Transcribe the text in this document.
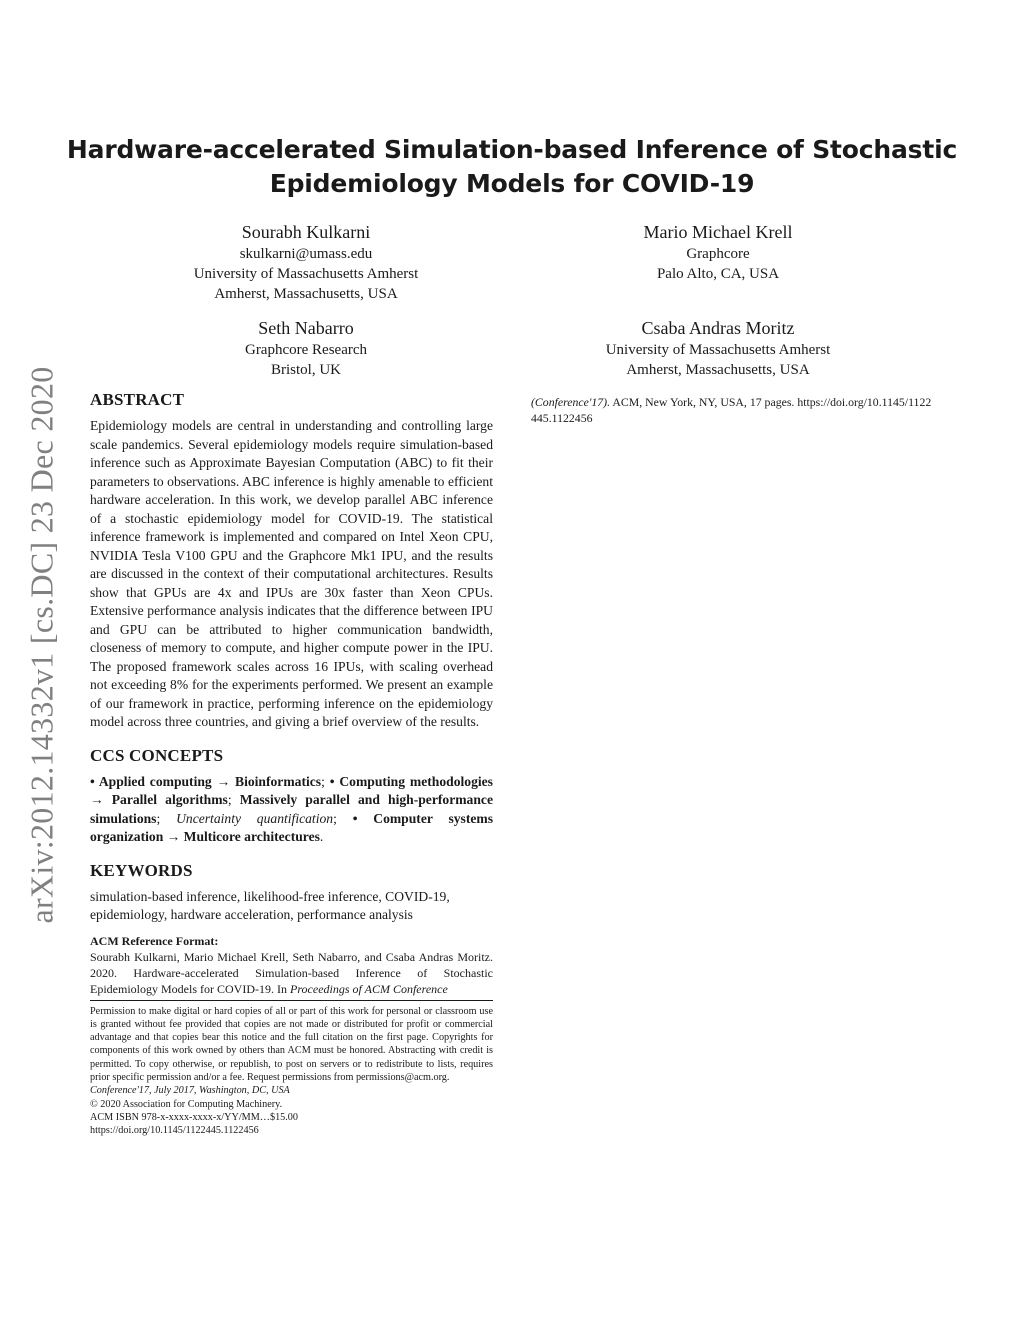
Hardware-accelerated Simulation-based Inference of Stochastic
Epidemiology Models for COVID-19
Sourabh Kulkarni
skulkarni@umass.edu
University of Massachusetts Amherst
Amherst, Massachusetts, USA
Mario Michael Krell
Graphcore
Palo Alto, CA, USA
Seth Nabarro
Graphcore Research
Bristol, UK
Csaba Andras Moritz
University of Massachusetts Amherst
Amherst, Massachusetts, USA
arXiv:2012.14332v1 [cs.DC] 23 Dec 2020 ABSTRACT
Epidemiology models are central in understanding and controlling large scale pandemics. Several epidemiology models require simulation-based inference such as Approximate Bayesian Computation (ABC) to fit their parameters to observations. ABC inference is highly amenable to efficient hardware acceleration. In this work, we develop parallel ABC inference of a stochastic epidemiology model for COVID-19. The statistical inference framework is implemented and compared on Intel Xeon CPU, NVIDIA Tesla V100 GPU and the Graphcore Mk1 IPU, and the results are discussed in the context of their computational architectures. Results show that GPUs are 4x and IPUs are 30x faster than Xeon CPUs. Extensive performance analysis indicates that the difference between IPU and GPU can be attributed to higher communication bandwidth, closeness of memory to compute, and higher compute power in the IPU. The proposed framework scales across 16 IPUs, with scaling overhead not exceeding 8% for the experiments performed. We present an example of our framework in practice, performing inference on the epidemiology model across three countries, and giving a brief overview of the results.
CCS CONCEPTS
• Applied computing → Bioinformatics; • Computing methodologies → Parallel algorithms; Massively parallel and high-performance simulations; Uncertainty quantification; • Computer systems organization → Multicore architectures.
KEYWORDS
simulation-based inference, likelihood-free inference, COVID-19, epidemiology, hardware acceleration, performance analysis
ACM Reference Format:
Sourabh Kulkarni, Mario Michael Krell, Seth Nabarro, and Csaba Andras Moritz. 2020. Hardware-accelerated Simulation-based Inference of Stochastic Epidemiology Models for COVID-19. In Proceedings of ACM Conference
Permission to make digital or hard copies of all or part of this work for personal or classroom use is granted without fee provided that copies are not made or distributed for profit or commercial advantage and that copies bear this notice and the full citation on the first page. Copyrights for components of this work owned by others than ACM must be honored. Abstracting with credit is permitted. To copy otherwise, or republish, to post on servers or to redistribute to lists, requires prior specific permission and/or a fee. Request permissions from permissions@acm.org.
Conference'17, July 2017, Washington, DC, USA
© 2020 Association for Computing Machinery.
ACM ISBN 978-x-xxxx-xxxx-x/YY/MM…$15.00
https://doi.org/10.1145/1122445.1122456
(Conference'17). ACM, New York, NY, USA, 17 pages. https://doi.org/10.1145/1122445.1122456
